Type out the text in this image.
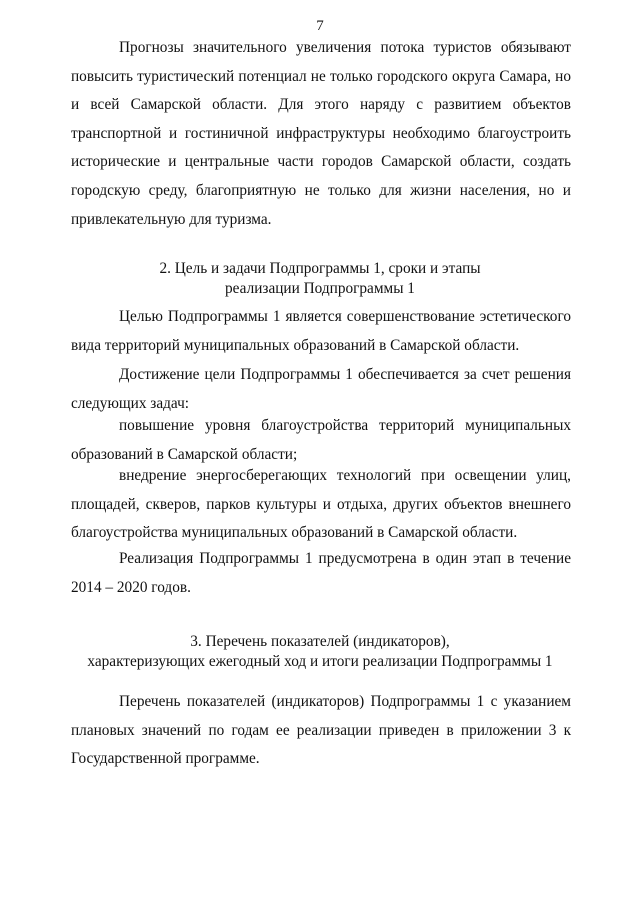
7

Прогнозы значительного увеличения потока туристов обязывают повысить туристический потенциал не только городского округа Самара, но и всей Самарской области. Для этого наряду с развитием объектов транспортной и гостиничной инфраструктуры необходимо благоустроить исторические и центральные части городов Самарской области, создать городскую среду, благоприятную не только для жизни населения, но и привлекательную для туризма.

2. Цель и задачи Подпрограммы 1, сроки и этапы
реализации Подпрограммы 1

Целью Подпрограммы 1 является совершенствование эстетического вида территорий муниципальных образований в Самарской области.

Достижение цели Подпрограммы 1 обеспечивается за счет решения следующих задач:

повышение уровня благоустройства территорий муниципальных образований в Самарской области;

внедрение энергосберегающих технологий при освещении улиц, площадей, скверов, парков культуры и отдыха, других объектов внешнего благоустройства муниципальных образований в Самарской области.

Реализация Подпрограммы 1 предусмотрена в один этап в течение 2014 – 2020 годов.

3. Перечень показателей (индикаторов),
характеризующих ежегодный ход и итоги реализации Подпрограммы 1

Перечень показателей (индикаторов) Подпрограммы 1 с указанием плановых значений по годам ее реализации приведен в приложении 3 к Государственной программе.
